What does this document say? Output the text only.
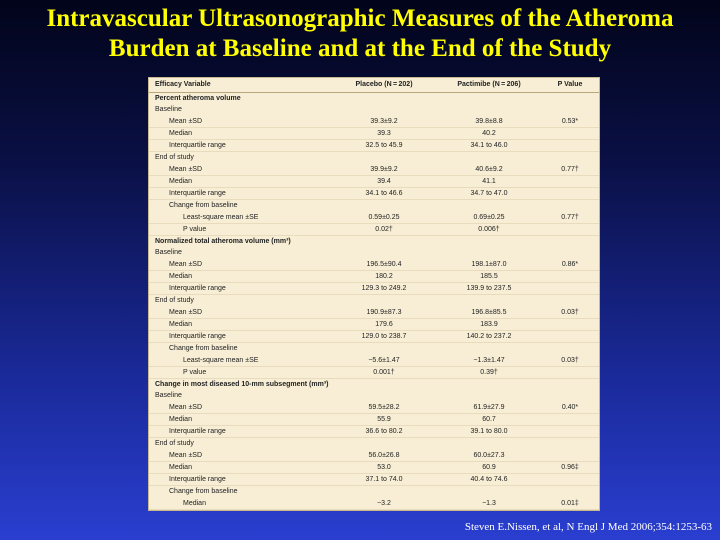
Intravascular Ultrasonographic Measures of the Atheroma
Burden at Baseline and at the End of the Study
Efficacy Variable	Placebo (N = 202)	Pactimibe (N = 206)	P Value
Percent atheroma volume			
Baseline			
Mean ±SD	39.3±9.2	39.8±8.8	0.53*
Median	39.3	40.2	
Interquartile range	32.5 to 45.9	34.1 to 46.0	
End of study			
Mean ±SD	39.9±9.2	40.6±9.2	0.77†
Median	39.4	41.1	
Interquartile range	34.1 to 46.6	34.7 to 47.0	
Change from baseline			
Least-square mean ±SE	0.59±0.25	0.69±0.25	0.77†
P value	0.02†	0.006†	
Normalized total atheroma volume (mm³)			
Baseline			
Mean ±SD	196.5±90.4	198.1±87.0	0.86*
Median	180.2	185.5	
Interquartile range	129.3 to 249.2	139.9 to 237.5	
End of study			
Mean ±SD	190.9±87.3	196.8±85.5	0.03†
Median	179.6	183.9	
Interquartile range	129.0 to 238.7	140.2 to 237.2	
Change from baseline			
Least-square mean ±SE	−5.6±1.47	−1.3±1.47	0.03†
P value	0.001†	0.39†	
Change in most diseased 10-mm subsegment (mm³)			
Baseline			
Mean ±SD	59.5±28.2	61.9±27.9	0.40*
Median	55.9	60.7	
Interquartile range	36.6 to 80.2	39.1 to 80.0	
End of study			
Mean ±SD	56.0±26.8	60.0±27.3	
Median	53.0	60.9	0.96‡
Interquartile range	37.1 to 74.0	40.4 to 74.6	
Change from baseline			
Median	−3.2	−1.3	0.01‡

Steven E.Nissen, et al, N Engl J Med 2006;354:1253-63
